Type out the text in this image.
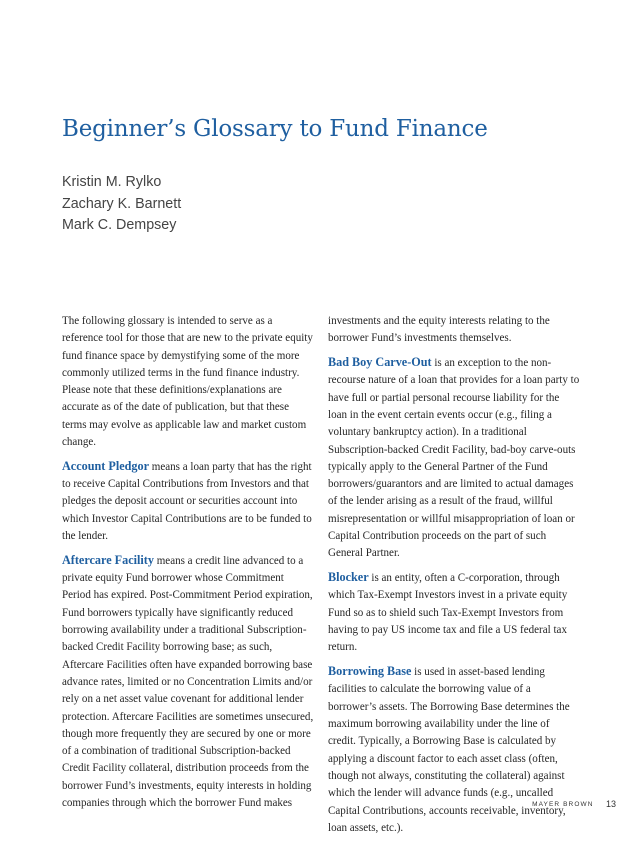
Beginner’s Glossary to Fund Finance
Kristin M. Rylko
Zachary K. Barnett
Mark C. Dempsey

The following glossary is intended to serve as a reference tool for those that are new to the private equity fund finance space by demystifying some of the more commonly utilized terms in the fund finance industry. Please note that these definitions/explanations are accurate as of the date of publication, but that these terms may evolve as applicable law and market custom change.

Account Pledgor means a loan party that has the right to receive Capital Contributions from Investors and that pledges the deposit account or securities account into which Investor Capital Contributions are to be funded to the lender.

Aftercare Facility means a credit line advanced to a private equity Fund borrower whose Commitment Period has expired. Post-Commitment Period expiration, Fund borrowers typically have significantly reduced borrowing availability under a traditional Subscription-backed Credit Facility borrowing base; as such, Aftercare Facilities often have expanded borrowing base advance rates, limited or no Concentration Limits and/or rely on a net asset value covenant for additional lender protection. Aftercare Facilities are sometimes unsecured, though more frequently they are secured by one or more of a combination of traditional Subscription-backed Credit Facility collateral, distribution proceeds from the borrower Fund’s investments, equity interests in holding companies through which the borrower Fund makes

investments and the equity interests relating to the borrower Fund’s investments themselves.

Bad Boy Carve-Out is an exception to the non-recourse nature of a loan that provides for a loan party to have full or partial personal recourse liability for the loan in the event certain events occur (e.g., filing a voluntary bankruptcy action). In a traditional Subscription-backed Credit Facility, bad-boy carve-outs typically apply to the General Partner of the Fund borrowers/guarantors and are limited to actual damages of the lender arising as a result of the fraud, willful misrepresentation or willful misappropriation of loan or Capital Contribution proceeds on the part of such General Partner.

Blocker is an entity, often a C-corporation, through which Tax-Exempt Investors invest in a private equity Fund so as to shield such Tax-Exempt Investors from having to pay US income tax and file a US federal tax return.

Borrowing Base is used in asset-based lending facilities to calculate the borrowing value of a borrower’s assets. The Borrowing Base determines the maximum borrowing availability under the line of credit. Typically, a Borrowing Base is calculated by applying a discount factor to each asset class (often, though not always, constituting the collateral) against which the lender will advance funds (e.g., uncalled Capital Contributions, accounts receivable, inventory, loan assets, etc.).

MAYER BROWN 13
